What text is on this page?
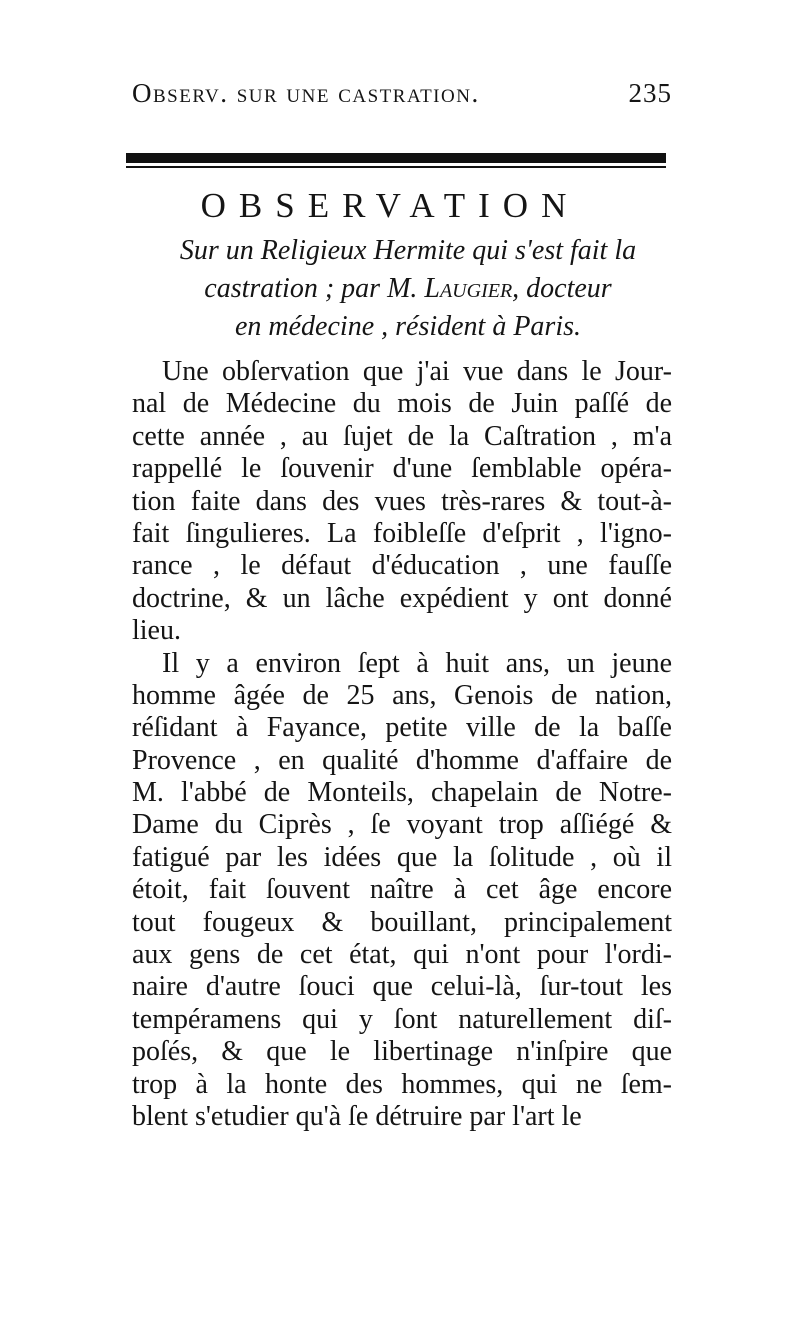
Observ. sur une castration.	235
OBSERVATION
Sur un Religieux Hermite qui s'est fait la
castration ; par M. Laugier, docteur
en médecine , résident à Paris.
Une obſervation que j'ai vue dans le Jour-
nal de Médecine du mois de Juin paſſé de
cette année , au ſujet de la Caſtration , m'a
rappellé le ſouvenir d'une ſemblable opéra-
tion faite dans des vues très-rares & tout-à-
fait ſingulieres. La foibleſſe d'eſprit , l'igno-
rance , le défaut d'éducation , une fauſſe
doctrine, & un lâche expédient y ont donné
lieu.
Il y a environ ſept à huit ans, un jeune
homme âgée de 25 ans, Genois de nation,
réſidant à Fayance, petite ville de la baſſe
Provence , en qualité d'homme d'affaire de
M. l'abbé de Monteils, chapelain de Notre-
Dame du Ciprès , ſe voyant trop aſſiégé &
fatigué par les idées que la ſolitude , où il
étoit, fait ſouvent naître à cet âge encore
tout fougeux & bouillant, principalement
aux gens de cet état, qui n'ont pour l'ordi-
naire d'autre ſouci que celui-là, ſur-tout les
tempéramens qui y ſont naturellement diſ-
poſés, & que le libertinage n'inſpire que
trop à la honte des hommes, qui ne ſem-
blent s'etudier qu'à ſe détruire par l'art le
